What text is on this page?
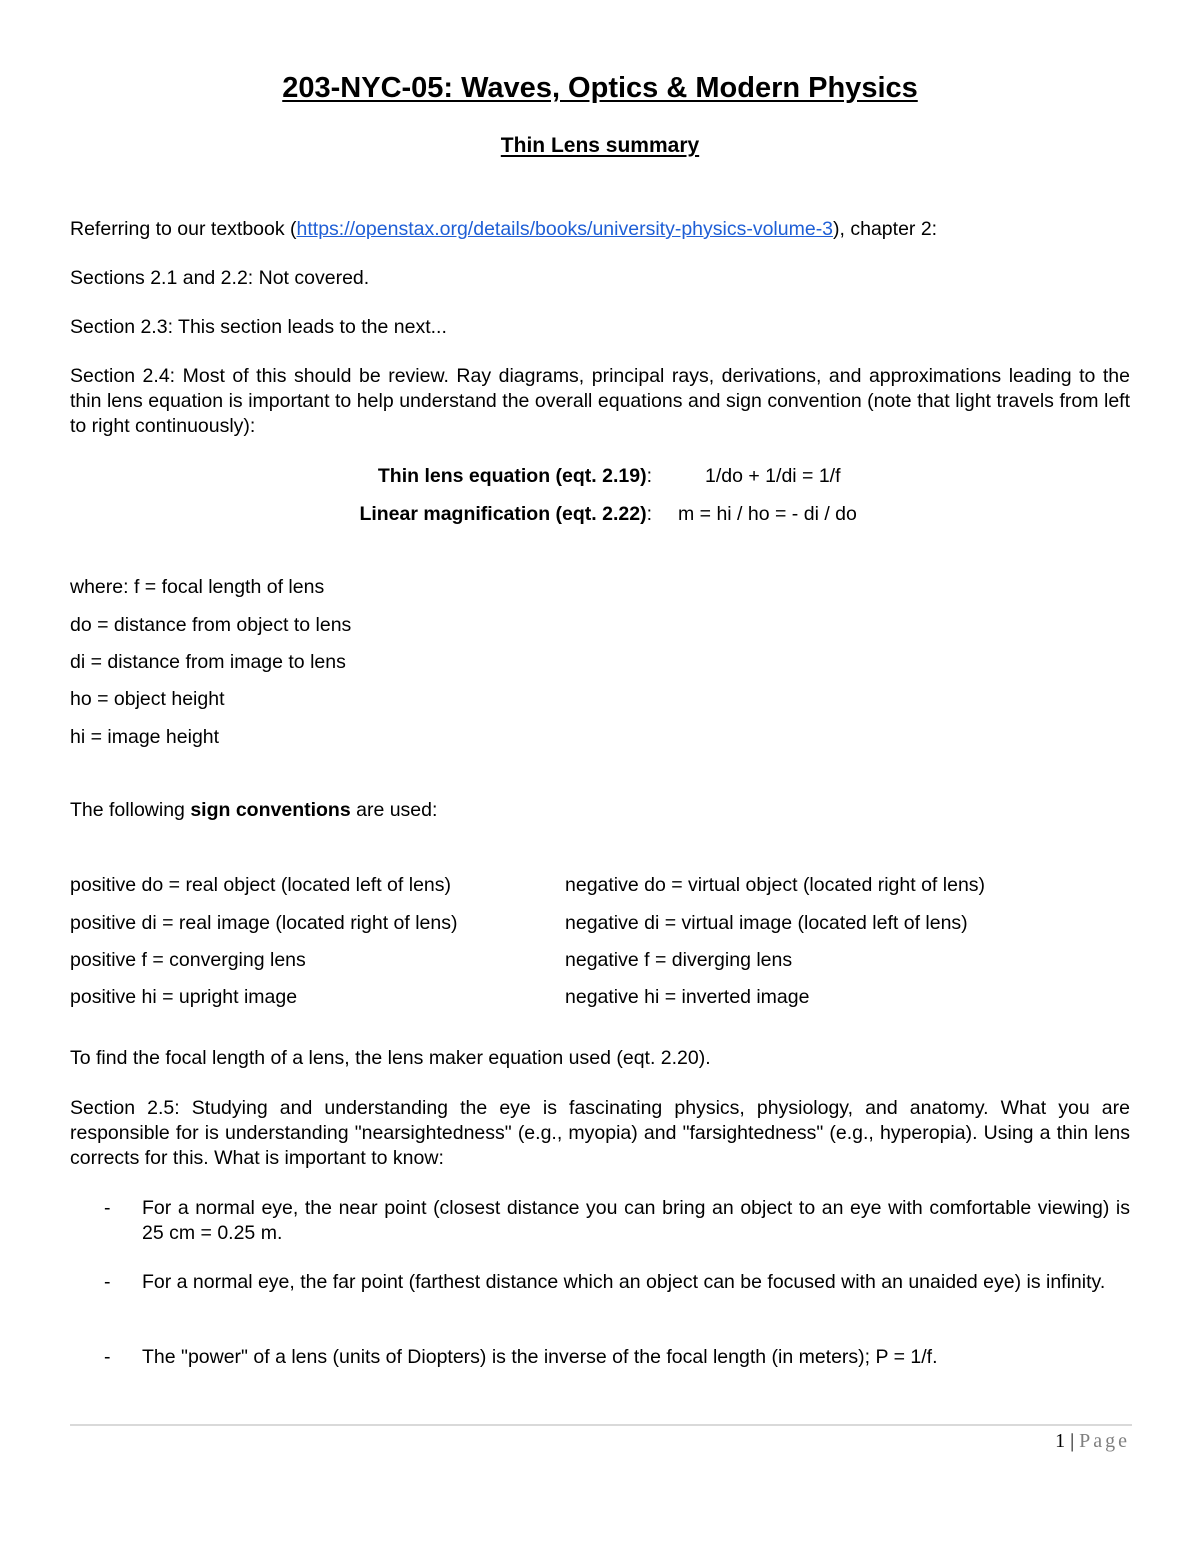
203-NYC-05: Waves, Optics & Modern Physics
Thin Lens summary

Referring to our textbook (https://openstax.org/details/books/university-physics-volume-3), chapter 2:

Sections 2.1 and 2.2: Not covered.

Section 2.3: This section leads to the next...

Section 2.4: Most of this should be review. Ray diagrams, principal rays, derivations, and approximations leading to the thin lens equation is important to help understand the overall equations and sign convention (note that light travels from left to right continuously):

Thin lens equation (eqt. 2.19):	1/do + 1/di = 1/f
Linear magnification (eqt. 2.22): m = hi / ho = - di / do
where: f = focal length of lens
do = distance from object to lens
di = distance from image to lens
ho = object height
hi = image height

The following sign conventions are used:

positive do = real object (located left of lens)	negative do = virtual object (located right of lens)
positive di = real image (located right of lens)	negative di = virtual image (located left of lens)
positive f = converging lens	negative f = diverging lens
positive hi = upright image	negative hi = inverted image

To find the focal length of a lens, the lens maker equation used (eqt. 2.20).

Section 2.5: Studying and understanding the eye is fascinating physics, physiology, and anatomy. What you are responsible for is understanding "nearsightedness" (e.g., myopia) and "farsightedness" (e.g., hyperopia). Using a thin lens corrects for this. What is important to know:

- For a normal eye, the near point (closest distance you can bring an object to an eye with comfortable viewing) is 25 cm = 0.25 m.
- For a normal eye, the far point (farthest distance which an object can be focused with an unaided eye) is infinity.
- The "power" of a lens (units of Diopters) is the inverse of the focal length (in meters); P = 1/f.
1 | Page
